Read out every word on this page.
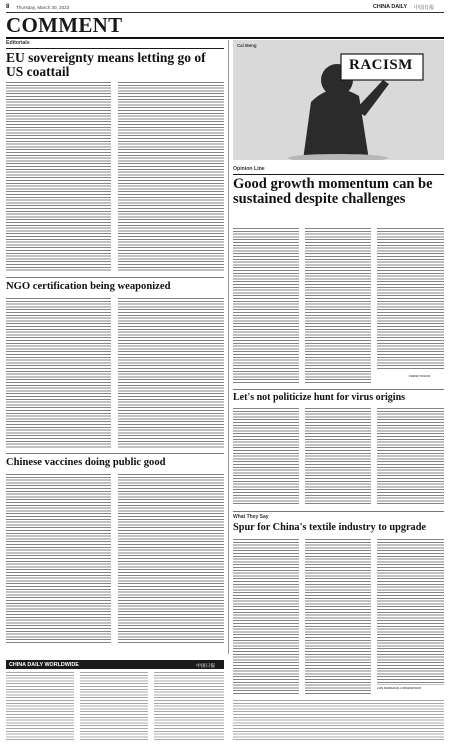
8 Thursday, March 30, 2023	CHINA DAILY 中国日报
COMMENT
Editorials
EU sovereignty means letting go of US coattail
NGO certification being weaponized
Chinese vaccines doing public good
Cai Meng
RACISM
Opinion Line
Good growth momentum can be sustained despite challenges
ZHENG YICHUN
Let's not politicize hunt for virus origins
What They Say
Spur for China's textile industry to upgrade
LIAN ZHENGJIAN, A RESEARCHER
CHINA DAILY WORLDWIDE	中国日报
